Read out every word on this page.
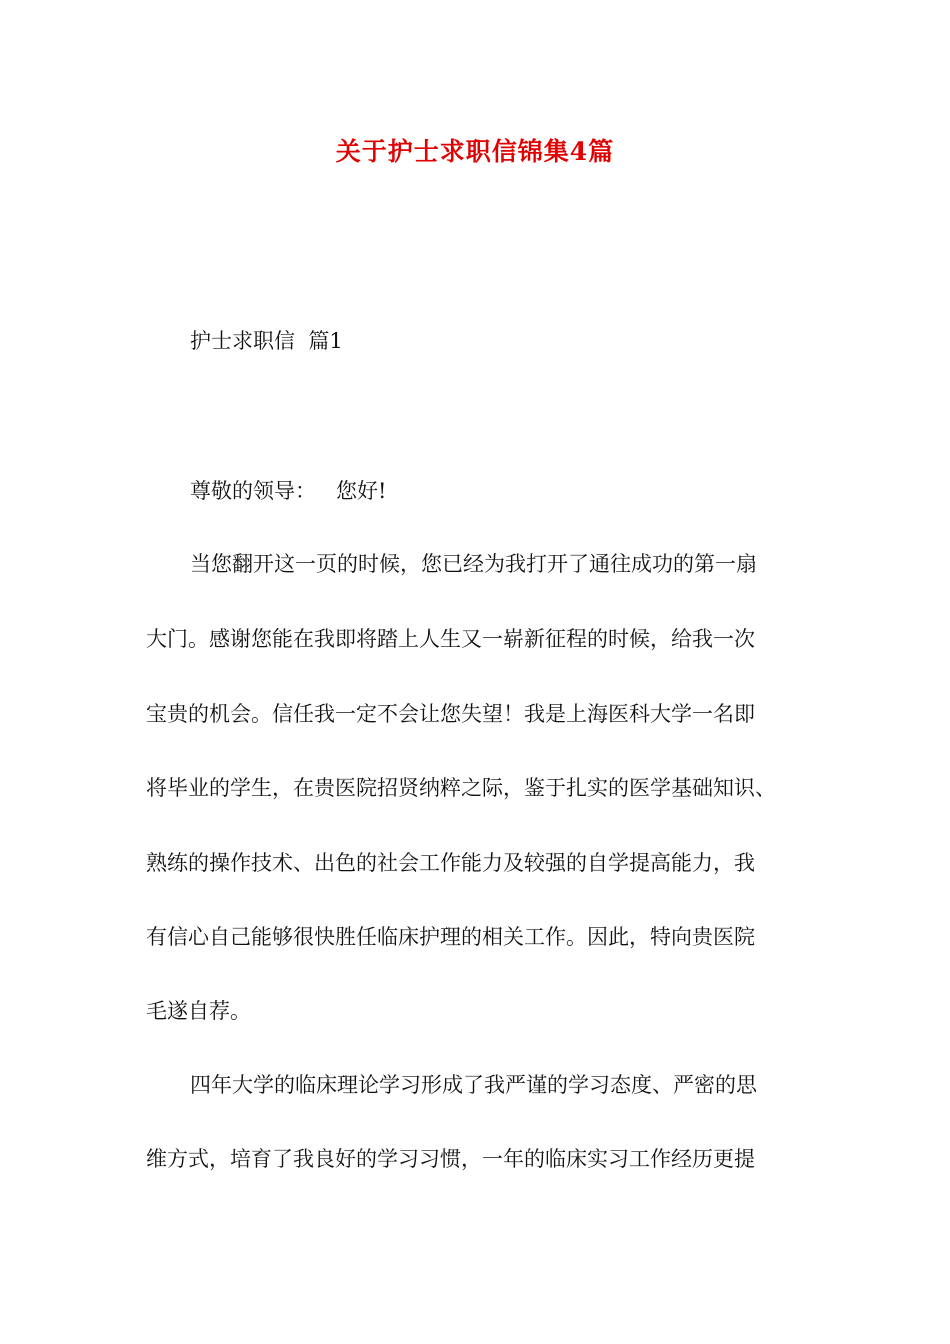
关于护士求职信锦集4篇
护士求职信  篇1
尊敬的领导：   您好!
当您翻开这一页的时候，您已经为我打开了通往成功的第一扇
大门。感谢您能在我即将踏上人生又一崭新征程的时候，给我一次
宝贵的机会。信任我一定不会让您失望！我是上海医科大学一名即
将毕业的学生，在贵医院招贤纳粹之际，鉴于扎实的医学基础知识、
熟练的操作技术、出色的社会工作能力及较强的自学提高能力，我
有信心自己能够很快胜任临床护理的相关工作。因此，特向贵医院
毛遂自荐。
四年大学的临床理论学习形成了我严谨的学习态度、严密的思
维方式，培育了我良好的学习习惯，一年的临床实习工作经历更提
